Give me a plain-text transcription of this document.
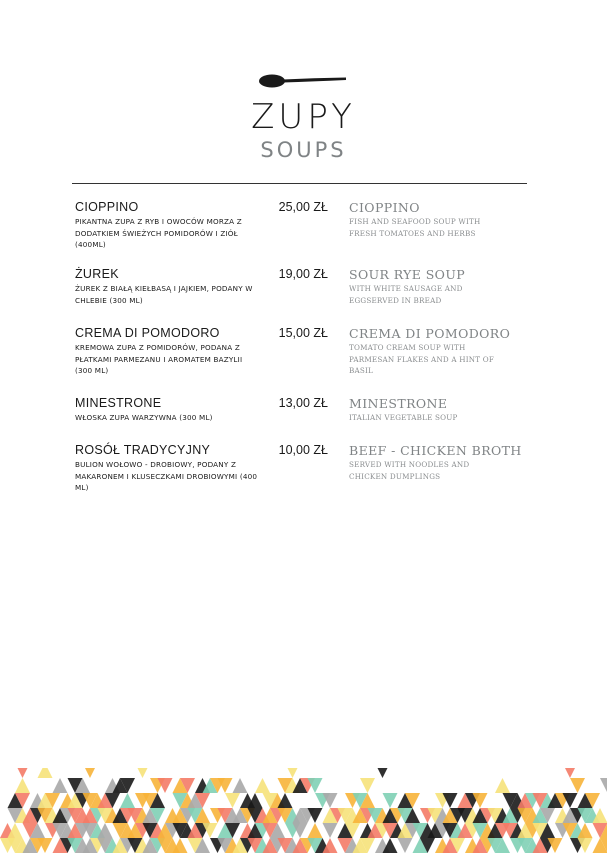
ZUPY
SOUPS
CIOPPINO
PIKANTNA ZUPA Z RYB I OWOCÓW MORZA Z DODATKIEM ŚWIEŻYCH POMIDORÓW I ZIÓŁ (400ML)
25,00 ZŁ CIOPPINO
FISH AND SEAFOOD SOUP WITH FRESH TOMATOES AND HERBS
ŻUREK
ŻUREK Z BIAŁĄ KIEŁBASĄ I JAJKIEM, PODANY W CHLEBIE (300 ML)
19,00 ZŁ SOUR RYE SOUP
WITH WHITE SAUSAGE AND EGGSERVED IN BREAD
CREMA DI POMODORO
KREMOWA ZUPA Z POMIDORÓW, PODANA Z PŁATKAMI PARMEZANU I AROMATEM BAZYLII (300 ML)
15,00 ZŁ CREMA DI POMODORO
TOMATO CREAM SOUP WITH PARMESAN FLAKES AND A HINT OF BASIL
MINESTRONE
WŁOSKA ZUPA WARZYWNA (300 ML)
13,00 ZŁ MINESTRONE
ITALIAN VEGETABLE SOUP
ROSÓŁ TRADYCYJNY
BULION WOŁOWO - DROBIOWY, PODANY Z MAKARONEM I KLUSECZKAMI DROBIOWYMI (400 ML)
10,00 ZŁ BEEF - CHICKEN BROTH
SERVED WITH NOODLES AND CHICKEN DUMPLINGS
